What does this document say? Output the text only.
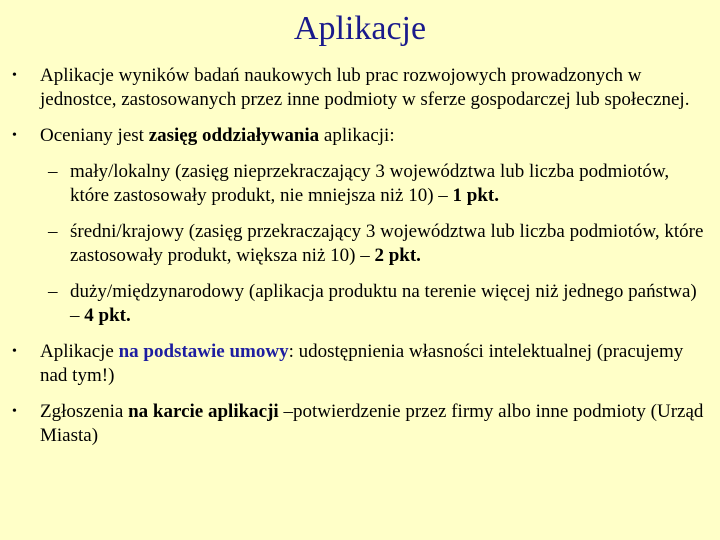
Aplikacje
• Aplikacje wyników badań naukowych lub prac rozwojowych prowadzonych w jednostce, zastosowanych przez inne podmioty w sferze gospodarczej lub społecznej.
• Oceniany jest zasięg oddziaływania aplikacji:
– mały/lokalny (zasięg nieprzekraczający 3 województwa lub liczba podmiotów, które zastosowały produkt, nie mniejsza niż 10) – 1 pkt.
– średni/krajowy (zasięg przekraczający 3 województwa lub liczba podmiotów, które zastosowały produkt, większa niż 10) – 2 pkt.
– duży/międzynarodowy (aplikacja produktu na terenie więcej niż jednego państwa) – 4 pkt.
• Aplikacje na podstawie umowy: udostępnienia własności intelektualnej (pracujemy nad tym!)
• Zgłoszenia na karcie aplikacji –potwierdzenie przez firmy albo inne podmioty (Urząd Miasta)
